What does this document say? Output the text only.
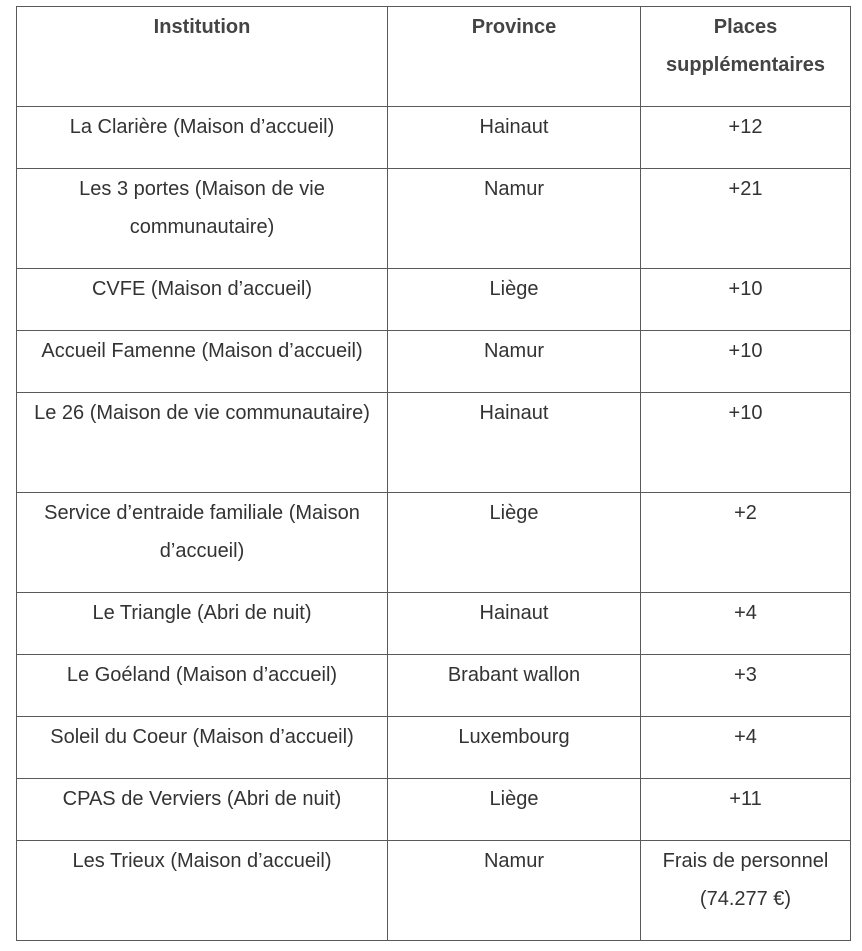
Institution	Province	Places supplémentaires

La Clarière (Maison d’accueil)	Hainaut	+12

Les 3 portes (Maison de vie communautaire)	Namur	+21

CVFE (Maison d’accueil)	Liège	+10

Accueil Famenne (Maison d’accueil)	Namur	+10

Le 26 (Maison de vie communautaire)	Hainaut	+10

Service d’entraide familiale (Maison d’accueil)	Liège	+2

Le Triangle (Abri de nuit)	Hainaut	+4

Le Goéland (Maison d’accueil)	Brabant wallon	+3

Soleil du Coeur (Maison d’accueil)	Luxembourg	+4

CPAS de Verviers (Abri de nuit)	Liège	+11

Les Trieux (Maison d’accueil)	Namur	Frais de personnel (74.277 €)
